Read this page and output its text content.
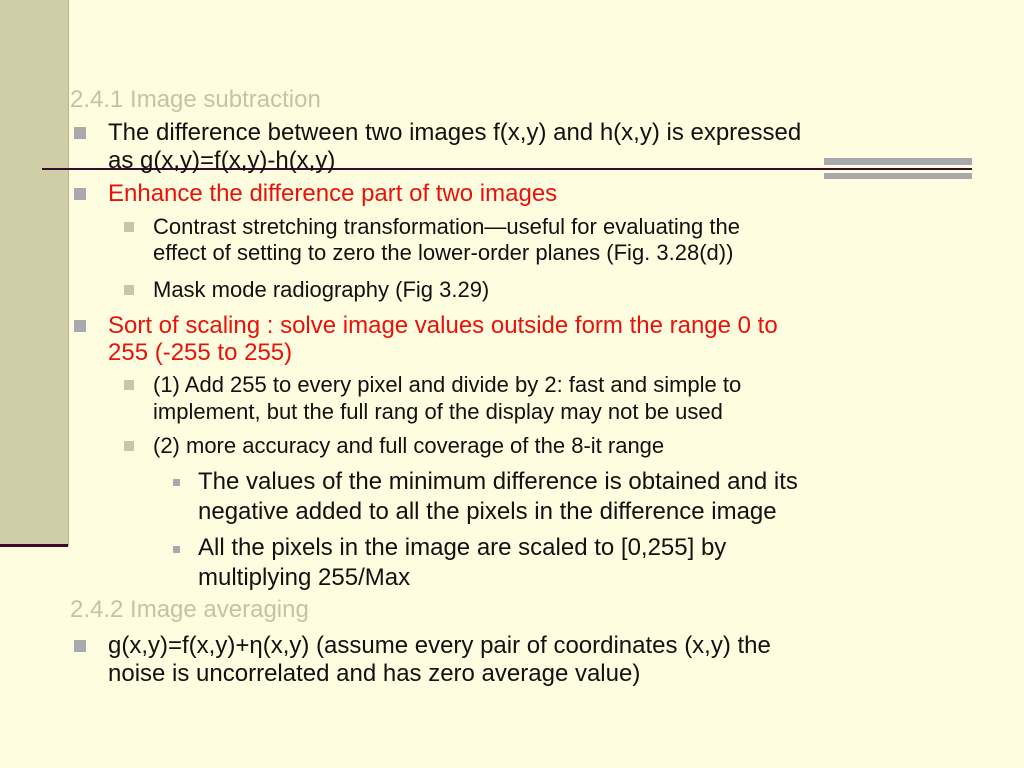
2.4.1 Image subtraction

The difference between two images f(x,y) and h(x,y) is expressed

as g(x,y)=f(x,y)-h(x,y)

Enhance the difference part of two images

Contrast stretching transformation—useful for evaluating the

effect of setting to zero the lower-order planes (Fig. 3.28(d))

Mask mode radiography (Fig 3.29)

Sort of scaling : solve image values outside form the range 0 to

255 (-255 to 255)

(1) Add 255 to every pixel and divide by 2: fast and simple to

implement, but the full rang of the display may not be used

(2) more accuracy and full coverage of the 8-it range

The values of the minimum difference is obtained and its

negative added to all the pixels in the difference image

All the pixels in the image are scaled to [0,255] by

multiplying 255/Max

2.4.2 Image averaging

g(x,y)=f(x,y)+η(x,y) (assume every pair of coordinates (x,y) the

noise is uncorrelated and has zero average value)
